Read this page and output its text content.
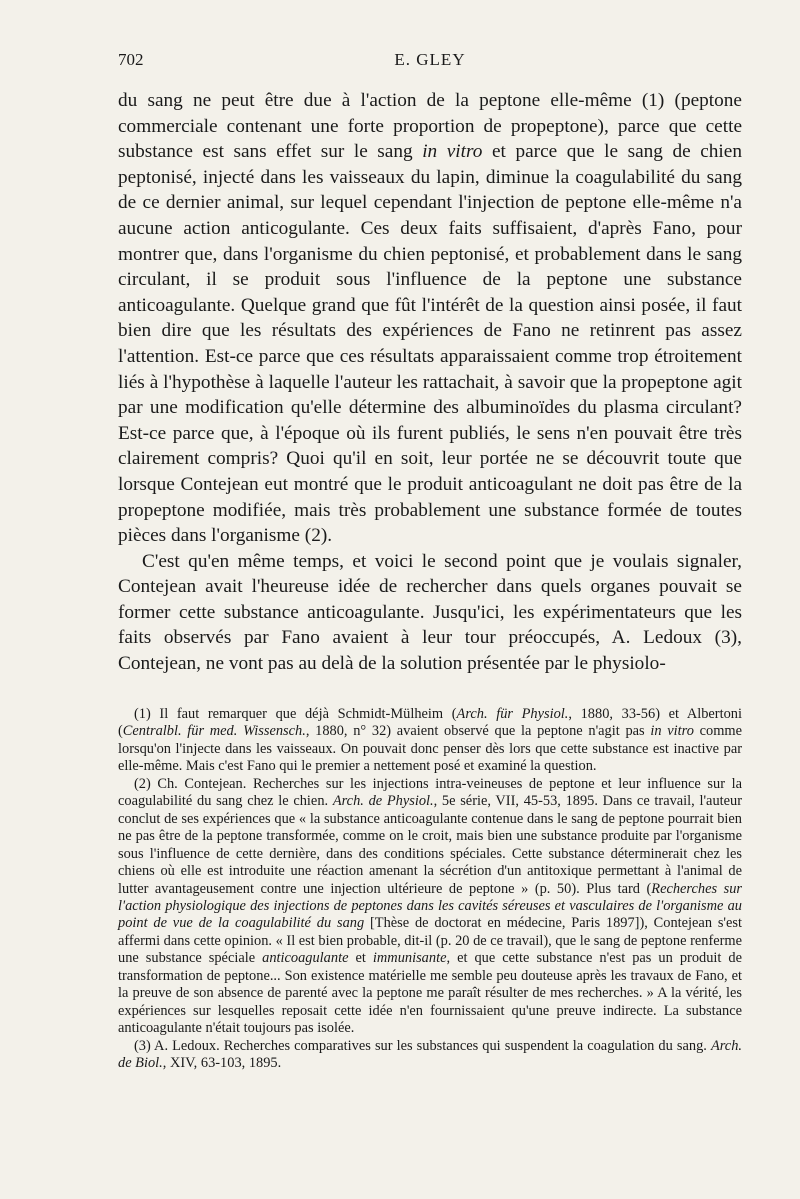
702	E. GLEY

du sang ne peut être due à l'action de la peptone elle-même (1) (peptone commerciale contenant une forte proportion de propeptone), parce que cette substance est sans effet sur le sang in vitro et parce que le sang de chien peptonisé, injecté dans les vaisseaux du lapin, diminue la coagulabilité du sang de ce dernier animal, sur lequel cependant l'injection de peptone elle-même n'a aucune action anticogulante. Ces deux faits suffisaient, d'après Fano, pour montrer que, dans l'organisme du chien peptonisé, et probablement dans le sang circulant, il se produit sous l'influence de la peptone une substance anticoagulante. Quelque grand que fût l'intérêt de la question ainsi posée, il faut bien dire que les résultats des expériences de Fano ne retinrent pas assez l'attention. Est-ce parce que ces résultats apparaissaient comme trop étroitement liés à l'hypothèse à laquelle l'auteur les rattachait, à savoir que la propeptone agit par une modification qu'elle détermine des albuminoïdes du plasma circulant? Est-ce parce que, à l'époque où ils furent publiés, le sens n'en pouvait être très clairement compris? Quoi qu'il en soit, leur portée ne se découvrit toute que lorsque Contejean eut montré que le produit anticoagulant ne doit pas être de la propeptone modifiée, mais très probablement une substance formée de toutes pièces dans l'organisme (2).

C'est qu'en même temps, et voici le second point que je voulais signaler, Contejean avait l'heureuse idée de rechercher dans quels organes pouvait se former cette substance anticoagulante. Jusqu'ici, les expérimentateurs que les faits observés par Fano avaient à leur tour préoccupés, A. Ledoux (3), Contejean, ne vont pas au delà de la solution présentée par le physiolo-

(1) Il faut remarquer que déjà Schmidt-Mülheim (Arch. für Physiol., 1880, 33-56) et Albertoni (Centralbl. für med. Wissensch., 1880, n° 32) avaient observé que la peptone n'agit pas in vitro comme lorsqu'on l'injecte dans les vaisseaux. On pouvait donc penser dès lors que cette substance est inactive par elle-même. Mais c'est Fano qui le premier a nettement posé et examiné la question.

(2) Ch. Contejean. Recherches sur les injections intra-veineuses de peptone et leur influence sur la coagulabilité du sang chez le chien. Arch. de Physiol., 5e série, VII, 45-53, 1895. Dans ce travail, l'auteur conclut de ses expériences que « la substance anticoagulante contenue dans le sang de peptone pourrait bien ne pas être de la peptone transformée, comme on le croit, mais bien une substance produite par l'organisme sous l'influence de cette dernière, dans des conditions spéciales. Cette substance déterminerait chez les chiens où elle est introduite une réaction amenant la sécrétion d'un antitoxique permettant à l'animal de lutter avantageusement contre une injection ultérieure de peptone » (p. 50). Plus tard (Recherches sur l'action physiologique des injections de peptones dans les cavités séreuses et vasculaires de l'organisme au point de vue de la coagulabilité du sang [Thèse de doctorat en médecine, Paris 1897]), Contejean s'est affermi dans cette opinion. « Il est bien probable, dit-il (p. 20 de ce travail), que le sang de peptone renferme une substance spéciale anticoagulante et immunisante, et que cette substance n'est pas un produit de transformation de peptone... Son existence matérielle me semble peu douteuse après les travaux de Fano, et la preuve de son absence de parenté avec la peptone me paraît résulter de mes recherches. » A la vérité, les expériences sur lesquelles reposait cette idée n'en fournissaient qu'une preuve indirecte. La substance anticoagulante n'était toujours pas isolée.

(3) A. Ledoux. Recherches comparatives sur les substances qui suspendent la coagulation du sang. Arch. de Biol., XIV, 63-103, 1895.
